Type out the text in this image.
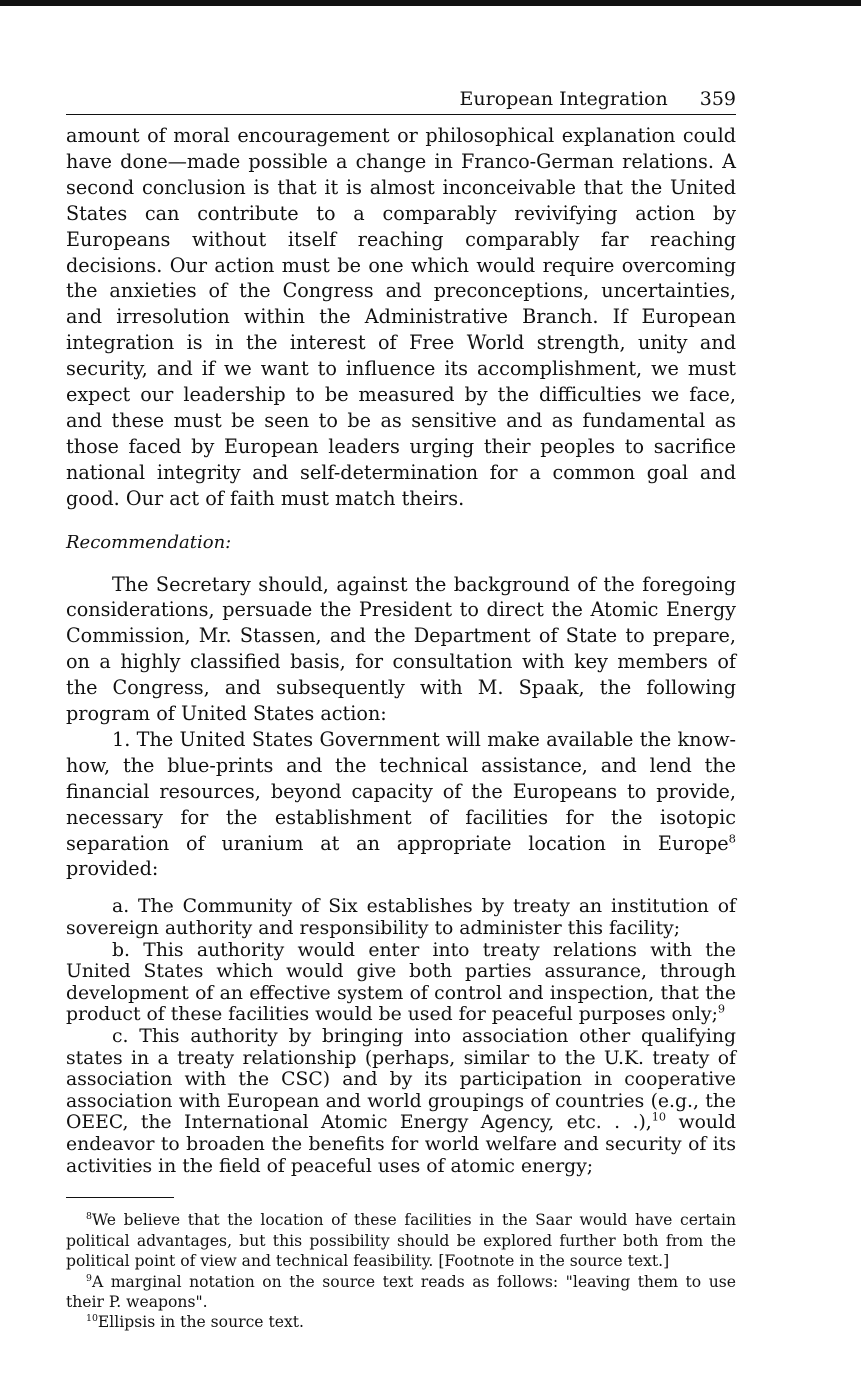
European Integration 359

amount of moral encouragement or philosophical explanation could have done—made possible a change in Franco-German relations. A second conclusion is that it is almost inconceivable that the United States can contribute to a comparably revivifying action by Europeans without itself reaching comparably far reaching decisions. Our action must be one which would require overcoming the anxieties of the Congress and preconceptions, uncertainties, and irresolution within the Administrative Branch. If European integration is in the interest of Free World strength, unity and security, and if we want to influence its accomplishment, we must expect our leadership to be measured by the difficulties we face, and these must be seen to be as sensitive and as fundamental as those faced by European leaders urging their peoples to sacrifice national integrity and self-determination for a common goal and good. Our act of faith must match theirs.

Recommendation:

The Secretary should, against the background of the foregoing considerations, persuade the President to direct the Atomic Energy Commission, Mr. Stassen, and the Department of State to prepare, on a highly classified basis, for consultation with key members of the Congress, and subsequently with M. Spaak, the following program of United States action:

1. The United States Government will make available the know-how, the blue-prints and the technical assistance, and lend the financial resources, beyond capacity of the Europeans to provide, necessary for the establishment of facilities for the isotopic separation of uranium at an appropriate location in Europe$^8$ provided:

a. The Community of Six establishes by treaty an institution of sovereign authority and responsibility to administer this facility;

b. This authority would enter into treaty relations with the United States which would give both parties assurance, through development of an effective system of control and inspection, that the product of these facilities would be used for peaceful purposes only;$^9$

c. This authority by bringing into association other qualifying states in a treaty relationship (perhaps, similar to the U.K. treaty of association with the CSC) and by its participation in cooperative association with European and world groupings of countries (e.g., the OEEC, the International Atomic Energy Agency, etc. . .),$^{10}$ would endeavor to broaden the benefits for world welfare and security of its activities in the field of peaceful uses of atomic energy;

$^8$We believe that the location of these facilities in the Saar would have certain political advantages, but this possibility should be explored further both from the political point of view and technical feasibility. [Footnote in the source text.]

$^9$A marginal notation on the source text reads as follows: "leaving them to use their P. weapons".

$^{10}$Ellipsis in the source text.
